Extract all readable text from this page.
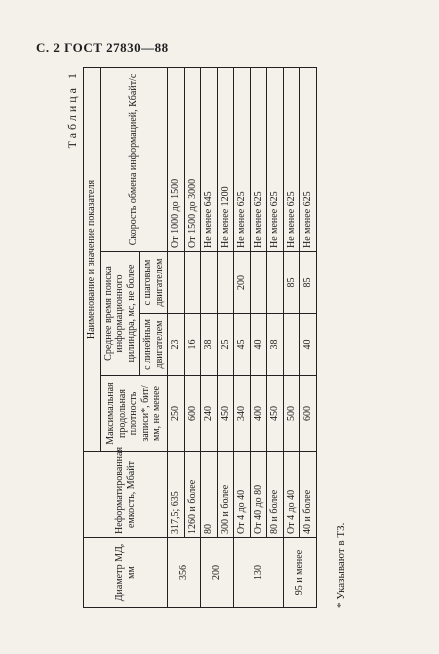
С. 2 ГОСТ 27830—88
Таблица 1
Диаметр МД, мм	Неформатированная емкость, Мбайт	Наименование и значение показателя			
		Максимальная продольная плотность записи*, бит/мм, не менее	Среднее время поиска информационного цилиндра, мс, не более		Скорость обмена информацией, Кбайт/с
			с линейным двигателем	с шаговым двигателем	
356	317,5; 635	250	23		От 1000 до 1500
	1260 и более	600	16		От 1500 до 3000
200	80	240	38		Не менее 645
	300 и более	450	25		Не менее 1200
130	От 4 до 40	340	45	200	Не менее 625
	От 40 до 80	400	40		Не менее 625
	80 и более	450	38		Не менее 625
95 и менее	От 4 до 40	500		85	Не менее 625
	40 и более	600	40	85	Не менее 625
* Указывают в ТЗ.
